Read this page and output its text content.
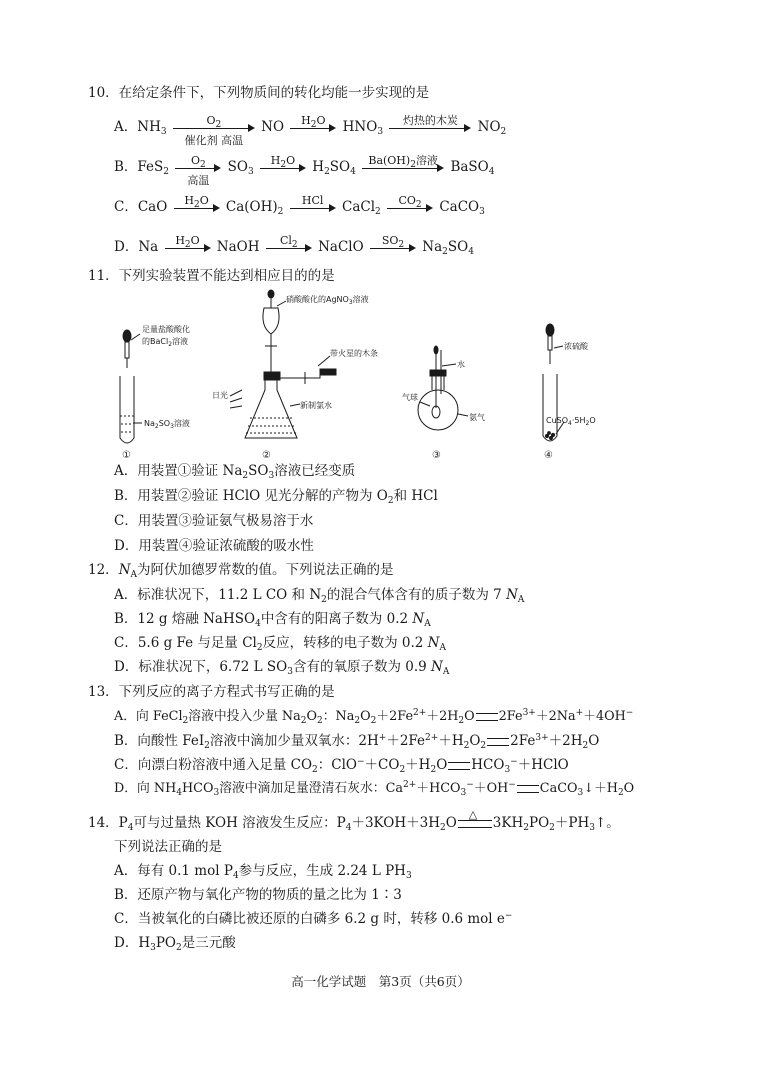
10．在给定条件下，下列物质间的转化均能一步实现的是
A．$NH_3$
$O_2$
催化剂 高温
NO	$H_2O$	$HNO_3$
灼热的木炭	$NO_2$
B．FeS$_2$
$O_2$
高温
$SO_3$
$H_2O$	$H_2SO_4$
$Ba(OH)_2$溶液 BaSO$_4$
C．CaO	$H_2O$	$Ca(OH)_2$
HCl	CaCl$_2$
$CO_2$	CaCO$_3$
D．Na	$H_2O$	NaOH	$Cl_2$	NaClO	$SO_2$	$Na_2SO_4$
11．下列实验装置不能达到相应目的的是
足量盐酸酸化
的BaCl$_2$溶液
$Na_2SO_3$溶液
①
硝酸酸化的AgNO$_3$溶液
带火星的木条
日光
新制氯水
②
水
气球
氨气
③
浓硫酸
$CuSO_4\cdot 5H_2O$
④
A．用装置①验证 $Na_2SO_3$溶液已经变质
B．用装置②验证 HClO 见光分解的产物为 $O_2$和 HCl
C．用装置③验证氨气极易溶于水
D．用装置④验证浓硫酸的吸水性
12．$N_A$为阿伏加德罗常数的值。下列说法正确的是
A．标准状况下，11.2 L CO 和 $N_2$的混合气体含有的质子数为 7 $N_A$
B．12 g 熔融 NaHSO$_4$中含有的阳离子数为 0.2 $N_A$
C．5.6 g Fe 与足量 $Cl_2$反应，转移的电子数为 0.2 $N_A$
D．标准状况下，6.72 L $SO_3$含有的氧原子数为 0.9 $N_A$
13．下列反应的离子方程式书写正确的是
A．向 FeCl$_2$溶液中投入少量 $Na_2O_2$：$Na_2O_2+2Fe^{2+}+2H_2O$ $2Fe^{3+}+2Na^++4OH^-$
B．向酸性 FeI$_2$溶液中滴加少量双氧水：$2H^++2Fe^{2+}+H_2O_2$ $2Fe^{3+}+2H_2O$
C．向漂白粉溶液中通入足量 $CO_2$：$ClO^-+CO_2+H_2O$ $HCO_3^-+HClO$
D．向 $NH_4HCO_3$溶液中滴加足量澄清石灰水：$Ca^{2+}+HCO_3^-+OH^-$ $CaCO_3↓+H_2O$
14．$P_4$可与过量热 KOH 溶液发生反应：$P_4+3KOH+3H_2O$
△
$3KH_2PO_2+PH_3↑$。
下列说法正确的是
A．每有 0.1 mol $P_4$参与反应，生成 2.24 L $PH_3$
B．还原产物与氧化产物的物质的量之比为 1∶3
C．当被氧化的白磷比被还原的白磷多 6.2 g 时，转移 0.6 mol e−
D．$H_3PO_2$是三元酸
高一化学试题　第3页（共6页）
